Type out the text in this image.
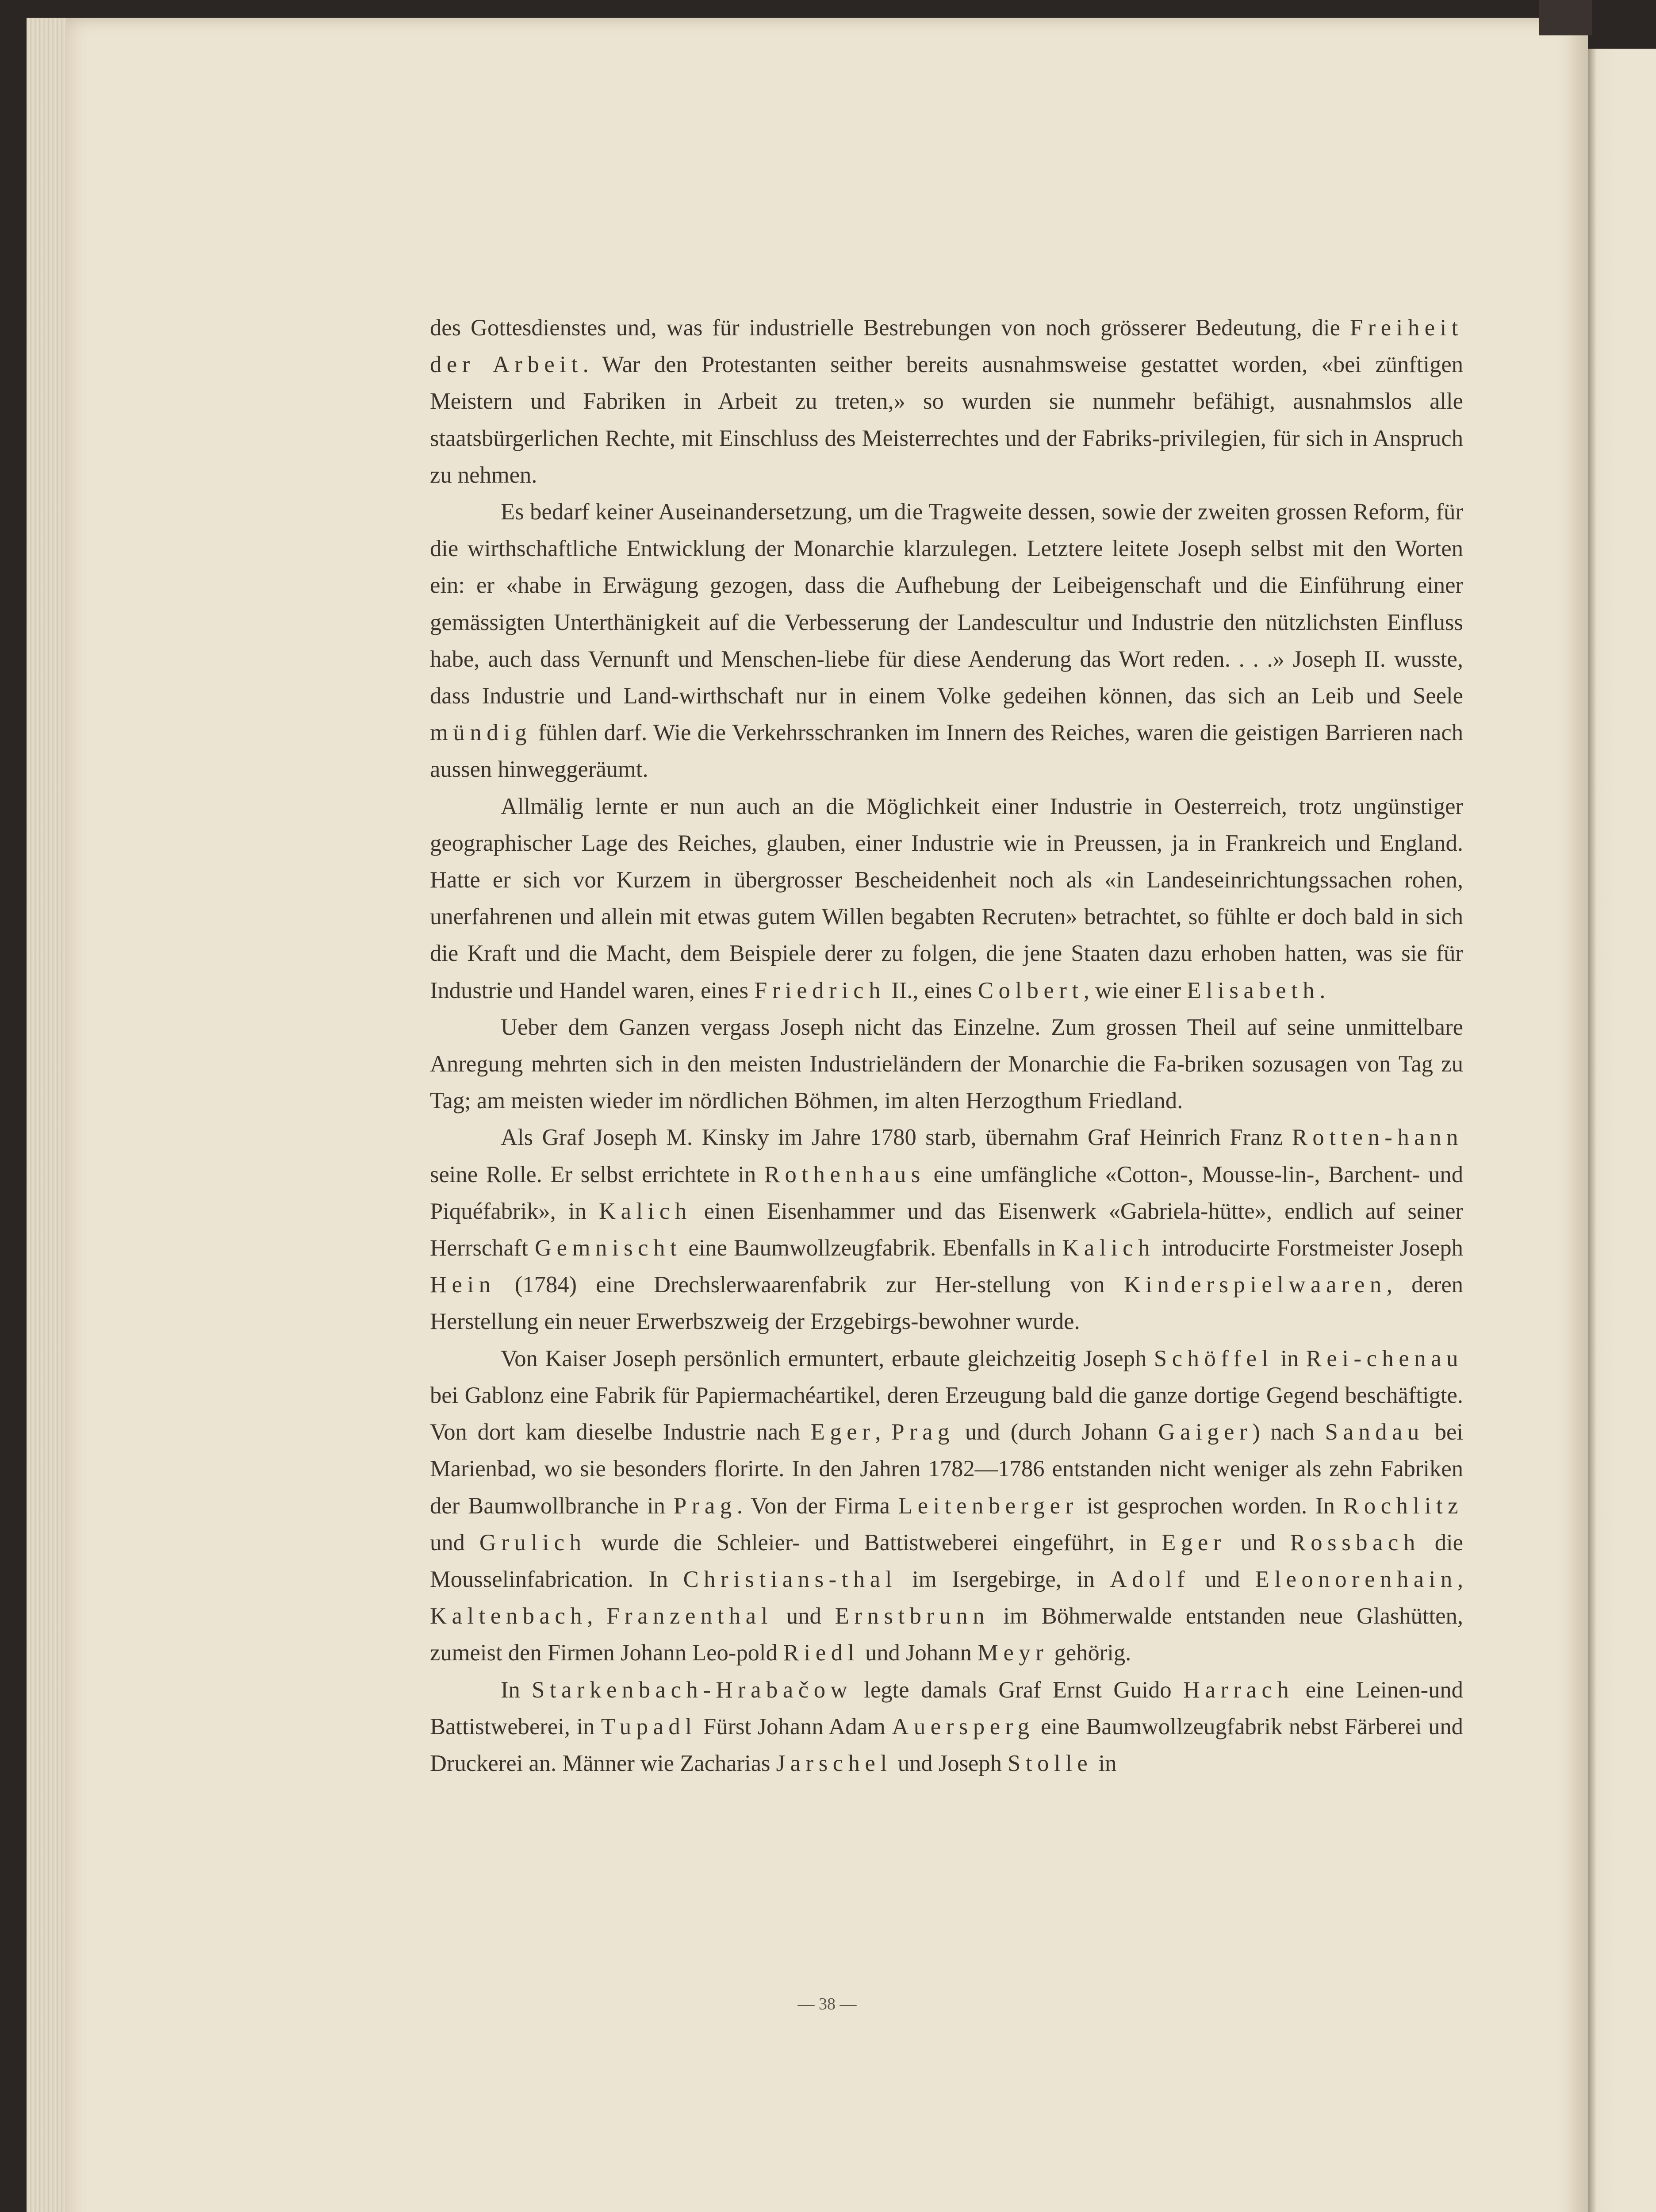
des Gottesdienstes und, was für industrielle Bestrebungen von noch grösserer Bedeutung, die Freiheit der Arbeit. War den Protestanten seither bereits ausnahmsweise gestattet worden, «bei zünftigen Meistern und Fabriken in Arbeit zu treten,» so wurden sie nunmehr befähigt, ausnahmslos alle staatsbürgerlichen Rechte, mit Einschluss des Meisterrechtes und der Fabriks-privilegien, für sich in Anspruch zu nehmen.

Es bedarf keiner Auseinandersetzung, um die Tragweite dessen, sowie der zweiten grossen Reform, für die wirthschaftliche Entwicklung der Monarchie klarzulegen. Letztere leitete Joseph selbst mit den Worten ein: er «habe in Erwägung gezogen, dass die Aufhebung der Leibeigenschaft und die Einführung einer gemässigten Unterthänigkeit auf die Verbesserung der Landescultur und Industrie den nützlichsten Einfluss habe, auch dass Vernunft und Menschen-liebe für diese Aenderung das Wort reden. . . .» Joseph II. wusste, dass Industrie und Land-wirthschaft nur in einem Volke gedeihen können, das sich an Leib und Seele mündig fühlen darf. Wie die Verkehrsschranken im Innern des Reiches, waren die geistigen Barrieren nach aussen hinweggeräumt.

Allmälig lernte er nun auch an die Möglichkeit einer Industrie in Oesterreich, trotz ungünstiger geographischer Lage des Reiches, glauben, einer Industrie wie in Preussen, ja in Frankreich und England. Hatte er sich vor Kurzem in übergrosser Bescheidenheit noch als «in Landeseinrichtungssachen rohen, unerfahrenen und allein mit etwas gutem Willen begabten Recruten» betrachtet, so fühlte er doch bald in sich die Kraft und die Macht, dem Beispiele derer zu folgen, die jene Staaten dazu erhoben hatten, was sie für Industrie und Handel waren, eines Friedrich II., eines Colbert, wie einer Elisabeth.

Ueber dem Ganzen vergass Joseph nicht das Einzelne. Zum grossen Theil auf seine unmittelbare Anregung mehrten sich in den meisten Industrieländern der Monarchie die Fa-briken sozusagen von Tag zu Tag; am meisten wieder im nördlichen Böhmen, im alten Herzogthum Friedland.

Als Graf Joseph M. Kinsky im Jahre 1780 starb, übernahm Graf Heinrich Franz Rotten-hann seine Rolle. Er selbst errichtete in Rothenhaus eine umfängliche «Cotton-, Mousse-lin-, Barchent- und Piquéfabrik», in Kalich einen Eisenhammer und das Eisenwerk «Gabriela-hütte», endlich auf seiner Herrschaft Gemnischt eine Baumwollzeugfabrik. Ebenfalls in Kalich introducirte Forstmeister Joseph Hein (1784) eine Drechslerwaarenfabrik zur Her-stellung von Kinderspielwaaren, deren Herstellung ein neuer Erwerbszweig der Erzgebirgs-bewohner wurde.

Von Kaiser Joseph persönlich ermuntert, erbaute gleichzeitig Joseph Schöffel in Rei-chenau bei Gablonz eine Fabrik für Papiermachéartikel, deren Erzeugung bald die ganze dortige Gegend beschäftigte. Von dort kam dieselbe Industrie nach Eger, Prag und (durch Johann Gaiger) nach Sandau bei Marienbad, wo sie besonders florirte. In den Jahren 1782—1786 entstanden nicht weniger als zehn Fabriken der Baumwollbranche in Prag. Von der Firma Leitenberger ist gesprochen worden. In Rochlitz und Grulich wurde die Schleier- und Battistweberei eingeführt, in Eger und Rossbach die Mousselinfabrication. In Christians-thal im Isergebirge, in Adolf und Eleonorenhain, Kaltenbach, Franzenthal und Ernstbrunn im Böhmerwalde entstanden neue Glashütten, zumeist den Firmen Johann Leo-pold Riedl und Johann Meyr gehörig.

In Starkenbach-Hrabačow legte damals Graf Ernst Guido Harrach eine Leinen-und Battistweberei, in Tupadl Fürst Johann Adam Auersperg eine Baumwollzeugfabrik nebst Färberei und Druckerei an. Männer wie Zacharias Jarschel und Joseph Stolle in

— 38 —
